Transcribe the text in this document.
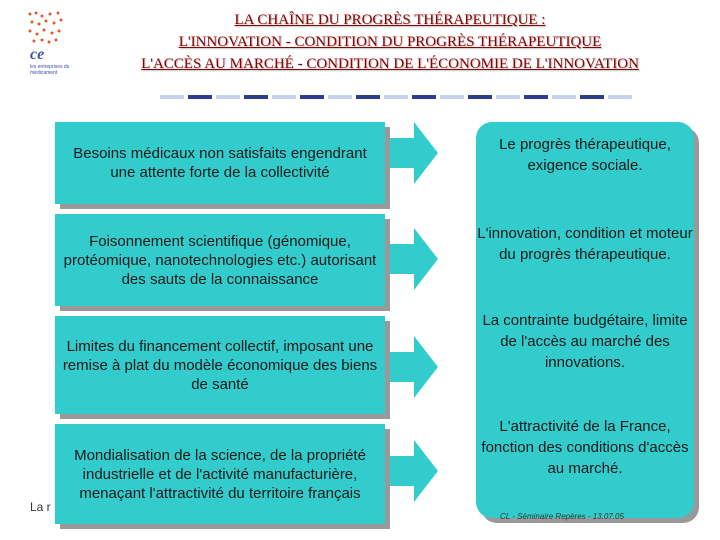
ce
les entreprises du médicament
LA CHAÎNE DU PROGRÈS THÉRAPEUTIQUE :
L'INNOVATION - CONDITION DU PROGRÈS THÉRAPEUTIQUE
L'ACCÈS AU MARCHÉ - CONDITION DE L'ÉCONOMIE DE L'INNOVATION
Besoins médicaux non satisfaits engendrant une attente forte de la collectivité
Foisonnement scientifique (génomique, protéomique, nanotechnologies etc.) autorisant des sauts de la connaissance
Limites du financement collectif, imposant une remise à plat du modèle économique des biens de santé
Mondialisation de la science, de la propriété industrielle et de l'activité manufacturière, menaçant l'attractivité du territoire français
Le progrès thérapeutique, exigence sociale.
L'innovation, condition et moteur du progrès thérapeutique.
La contrainte budgétaire, limite de l'accès au marché des innovations.
L'attractivité de la France, fonction des conditions d'accès au marché.
La r
CL - Séminaire Repères - 13.07.05
